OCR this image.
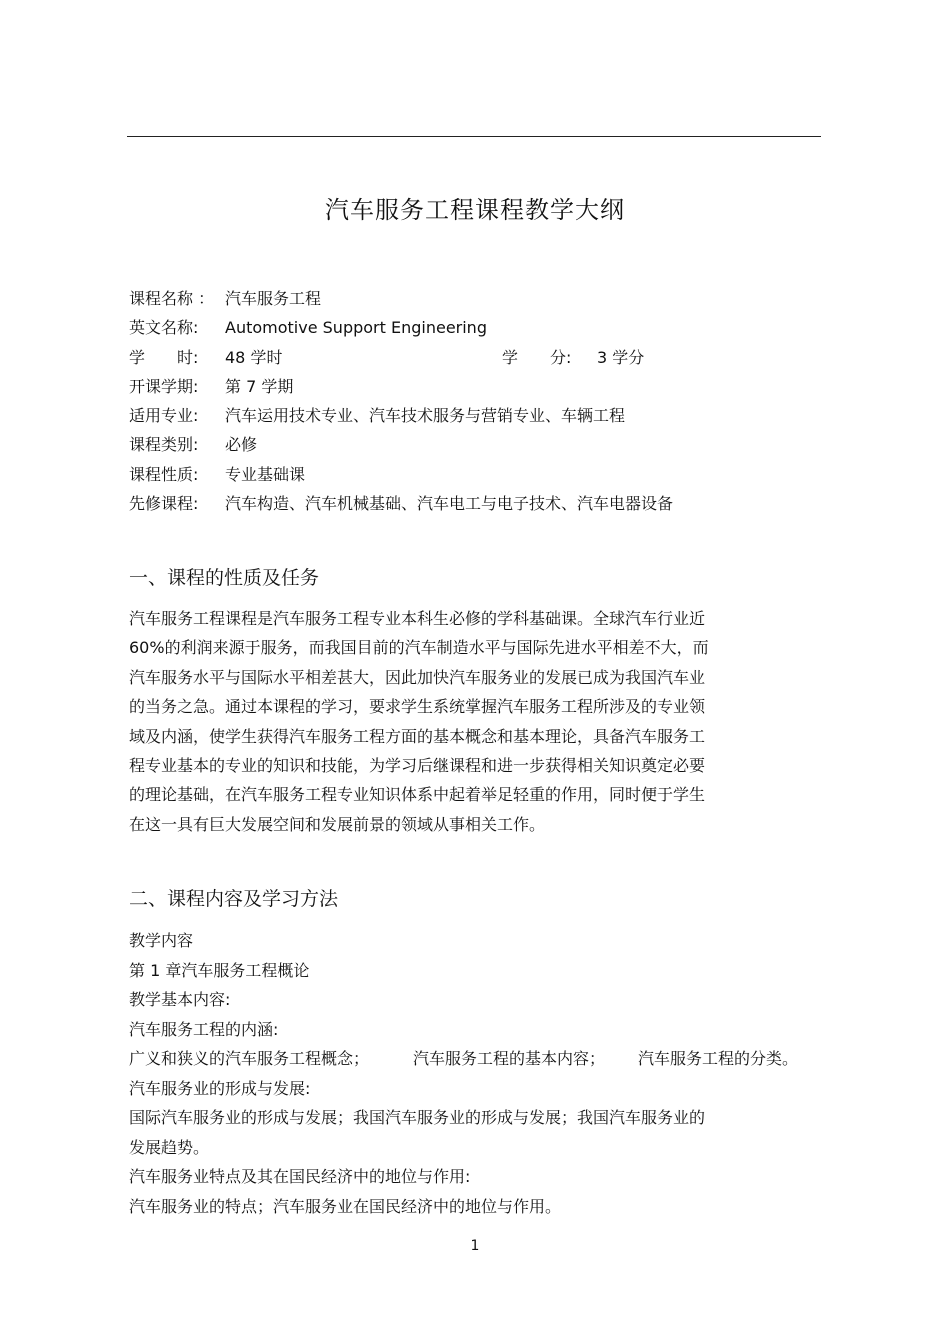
汽车服务工程课程教学大纲
课程名称 ： 汽车服务工程
英文名称: Automotive Support Engineering
学　　时: 48 学时	学　　分: 3 学分
开课学期: 第 7 学期
适用专业: 汽车运用技术专业、汽车技术服务与营销专业、车辆工程
课程类别: 必修
课程性质: 专业基础课
先修课程: 汽车构造、汽车机械基础、汽车电工与电子技术、汽车电器设备
一、课程的性质及任务
汽车服务工程课程是汽车服务工程专业本科生必修的学科基础课。全球汽车行业近
60%的利润来源于服务，而我国目前的汽车制造水平与国际先进水平相差不大，而
汽车服务水平与国际水平相差甚大，因此加快汽车服务业的发展已成为我国汽车业
的当务之急。通过本课程的学习，要求学生系统掌握汽车服务工程所涉及的专业领
域及内涵，使学生获得汽车服务工程方面的基本概念和基本理论，具备汽车服务工
程专业基本的专业的知识和技能，为学习后继课程和进一步获得相关知识奠定必要
的理论基础，在汽车服务工程专业知识体系中起着举足轻重的作用，同时便于学生
在这一具有巨大发展空间和发展前景的领域从事相关工作。
二、课程内容及学习方法
教学内容
第 1 章汽车服务工程概论
教学基本内容:
汽车服务工程的内涵:
广义和狭义的汽车服务工程概念；	汽车服务工程的基本内容； 汽车服务工程的分类。
汽车服务业的形成与发展:
国际汽车服务业的形成与发展；我国汽车服务业的形成与发展；我国汽车服务业的
发展趋势。
汽车服务业特点及其在国民经济中的地位与作用:
汽车服务业的特点；汽车服务业在国民经济中的地位与作用。
1
